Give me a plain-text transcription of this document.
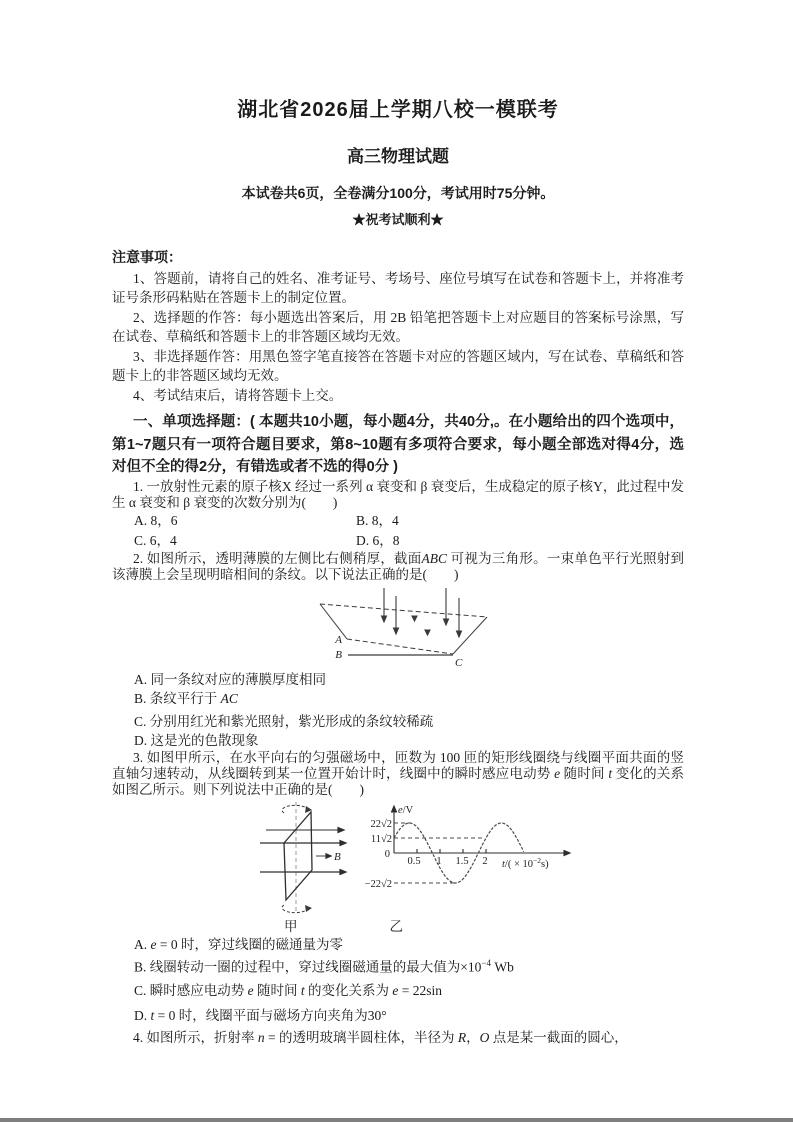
湖北省2026届上学期八校一模联考
高三物理试题
本试卷共6页，全卷满分100分，考试用时75分钟。
★祝考试顺利★
注意事项：

1、答题前，请将自己的姓名、准考证号、考场号、座位号填写在试卷和答题卡上，并将准考证号条形码粘贴在答题卡上的制定位置。

2、选择题的作答：每小题选出答案后，用 2B 铅笔把答题卡上对应题目的答案标号涂黑，写在试卷、草稿纸和答题卡上的非答题区域均无效。

3、非选择题作答：用黑色签字笔直接答在答题卡对应的答题区域内，写在试卷、草稿纸和答题卡上的非答题区域均无效。

4、考试结束后，请将答题卡上交。

一、单项选择题：( 本题共10小题，每小题4分，共40分,。在小题给出的四个选项中，第1~7题只有一项符合题目要求，第8~10题有多项符合要求，每小题全部选对得4分，选对但不全的得2分，有错选或者不选的得0分 )

1. 一放射性元素的原子核X 经过一系列 α 衰变和 β 衰变后，生成稳定的原子核Y，此过程中发生 α 衰变和 β 衰变的次数分别为(　　)

A. 8，6	B. 8，4
C. 6，4	D. 6，8

2. 如图所示，透明薄膜的左侧比右侧稍厚，截面ABC 可视为三角形。一束单色平行光照射到该薄膜上会呈现明暗相间的条纹。以下说法正确的是(　　)

A
B
C
A. 同一条纹对应的薄膜厚度相同
B. 条纹平行于 AC
C. 分别用红光和紫光照射，紫光形成的条纹较稀疏
D. 这是光的色散现象

3. 如图甲所示，在水平向右的匀强磁场中，匝数为 100 匝的矩形线圈绕与线圈平面共面的竖直轴匀速转动，从线圈转到某一位置开始计时，线圈中的瞬时感应电动势 e 随时间 t 变化的关系如图乙所示。则下列说法中正确的是(　　)

B
e/V
22√2
11√2
0
−22√2
0.5 1 1.5 2 $t/( \times 10^{-2}s)$
甲	乙
A. e = 0 时，穿过线圈的磁通量为零
B. 线圈转动一圈的过程中，穿过线圈磁通量的最大值为$\times 10^{-4}$ Wb
C. 瞬时感应电动势 e 随时间 t 的变化关系为 e = 22sin
D. t = 0 时，线圈平面与磁场方向夹角为30°

4. 如图所示，折射率 n = 的透明玻璃半圆柱体，半径为 R，O 点是某一截面的圆心，
